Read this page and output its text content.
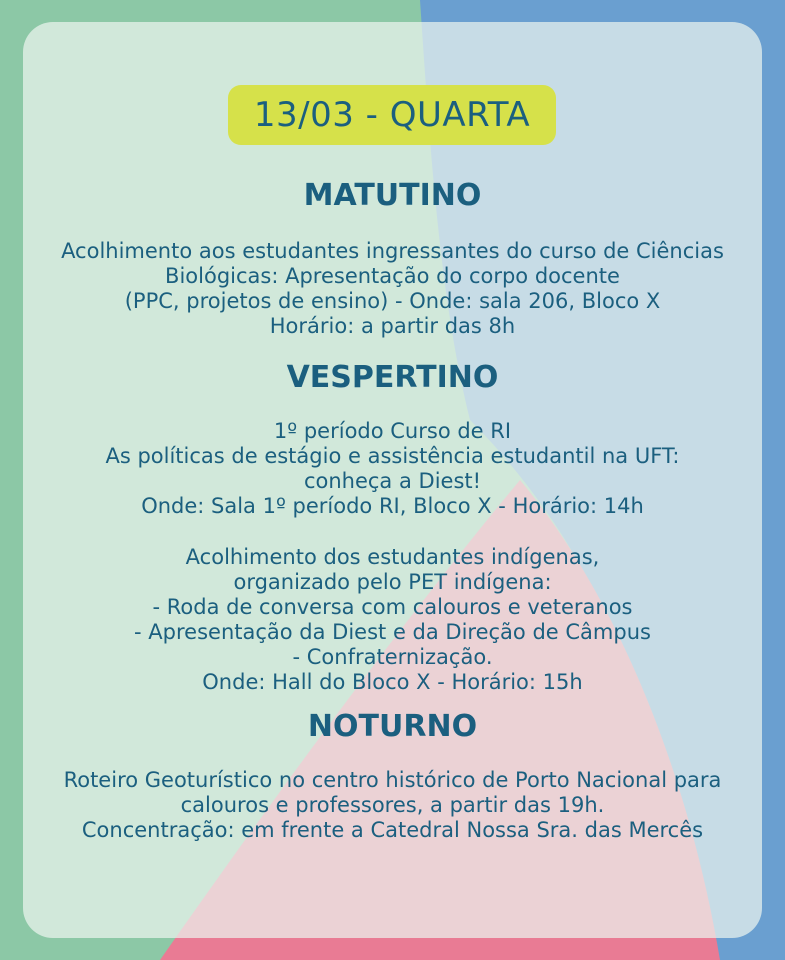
13/03 - QUARTA
MATUTINO
Acolhimento aos estudantes ingressantes do curso de Ciências
Biológicas: Apresentação do corpo docente
(PPC, projetos de ensino) - Onde: sala 206, Bloco X
Horário: a partir das 8h
VESPERTINO
1º período Curso de RI
As políticas de estágio e assistência estudantil na UFT:
conheça a Diest!
Onde: Sala 1º período RI, Bloco X - Horário: 14h
Acolhimento dos estudantes indígenas,
organizado pelo PET indígena:
- Roda de conversa com calouros e veteranos
- Apresentação da Diest e da Direção de Câmpus
- Confraternização.
Onde: Hall do Bloco X - Horário: 15h
NOTURNO
Roteiro Geoturístico no centro histórico de Porto Nacional para
calouros e professores, a partir das 19h.
Concentração: em frente a Catedral Nossa Sra. das Mercês
